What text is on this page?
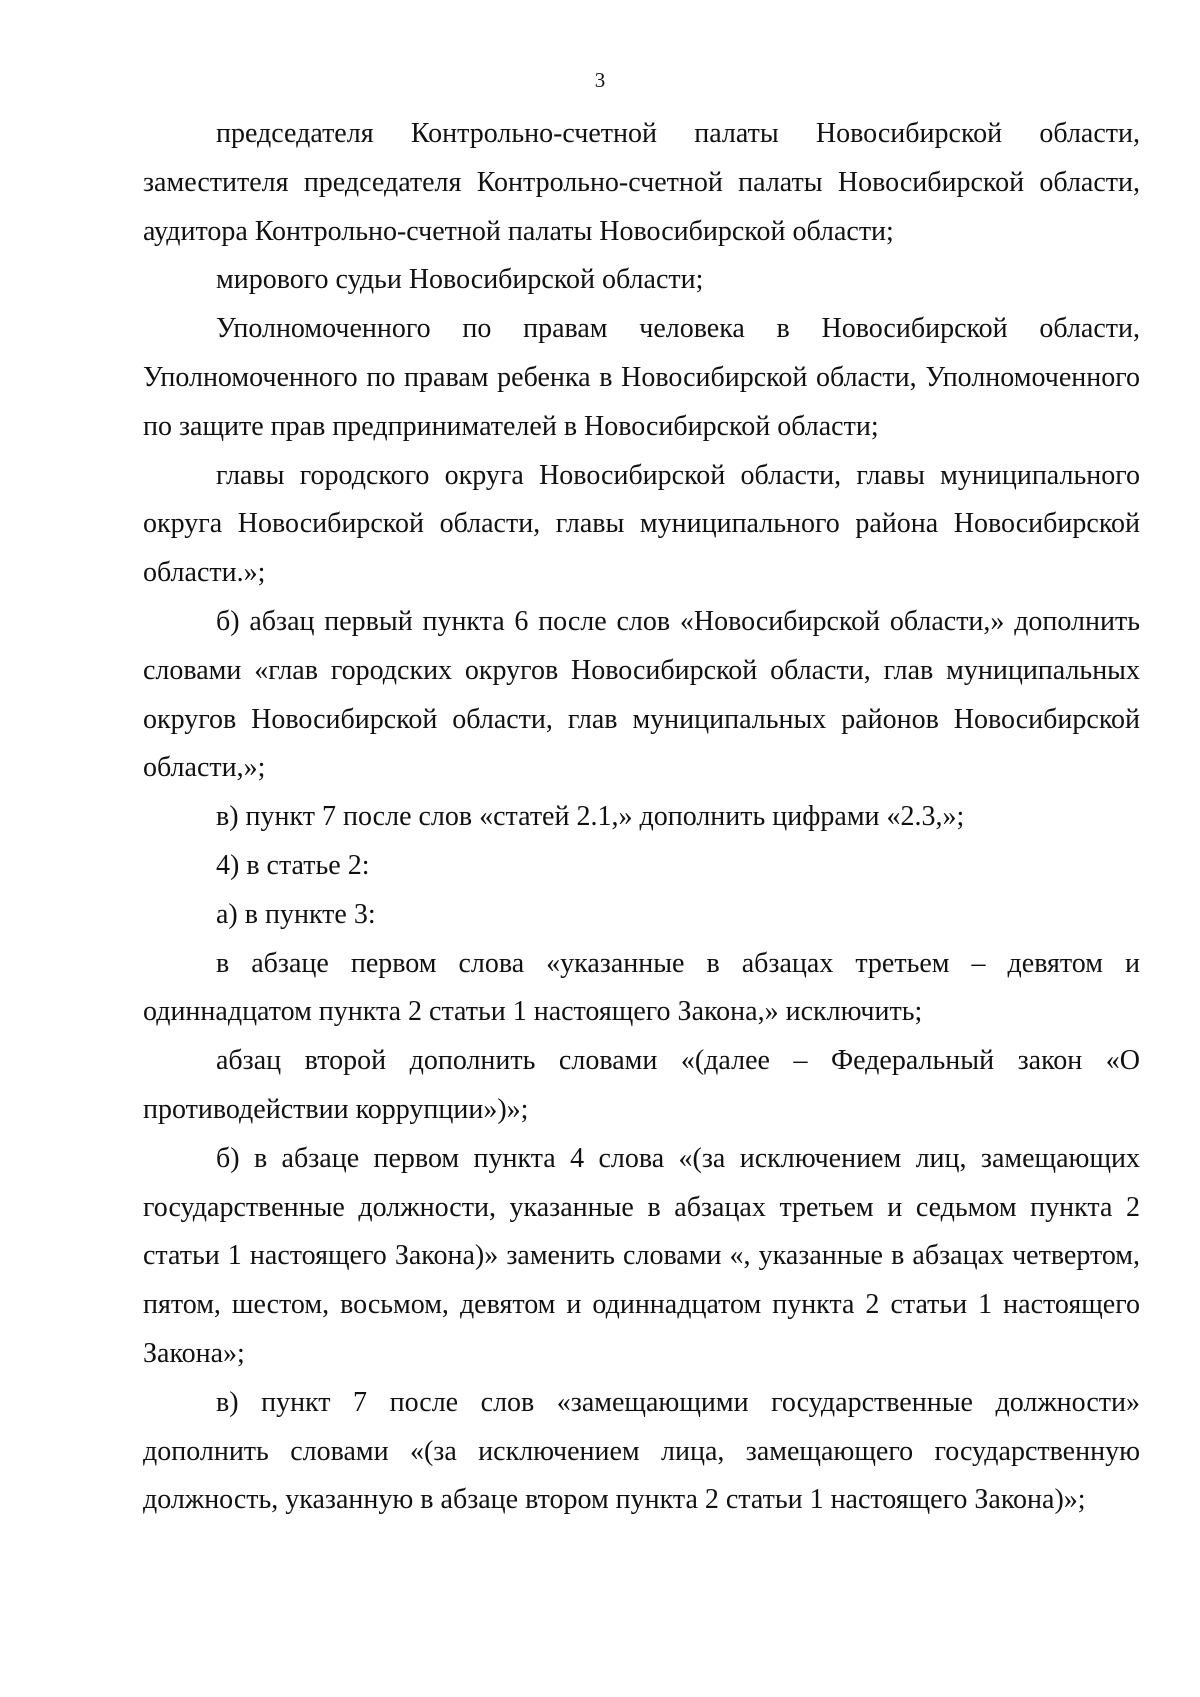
3

председателя Контрольно-счетной палаты Новосибирской области, заместителя председателя Контрольно-счетной палаты Новосибирской области, аудитора Контрольно-счетной палаты Новосибирской области;

мирового судьи Новосибирской области;

Уполномоченного по правам человека в Новосибирской области, Уполномоченного по правам ребенка в Новосибирской области, Уполномоченного по защите прав предпринимателей в Новосибирской области;

главы городского округа Новосибирской области, главы муниципального округа Новосибирской области, главы муниципального района Новосибирской области.»;

б) абзац первый пункта 6 после слов «Новосибирской области,» дополнить словами «глав городских округов Новосибирской области, глав муниципальных округов Новосибирской области, глав муниципальных районов Новосибирской области,»;

в) пункт 7 после слов «статей 2.1,» дополнить цифрами «2.3,»;

4) в статье 2:

а) в пункте 3:

в абзаце первом слова «указанные в абзацах третьем – девятом и одиннадцатом пункта 2 статьи 1 настоящего Закона,» исключить;

абзац второй дополнить словами «(далее – Федеральный закон «О противодействии коррупции»)»;

б) в абзаце первом пункта 4 слова «(за исключением лиц, замещающих государственные должности, указанные в абзацах третьем и седьмом пункта 2 статьи 1 настоящего Закона)» заменить словами «, указанные в абзацах четвертом, пятом, шестом, восьмом, девятом и одиннадцатом пункта 2 статьи 1 настоящего Закона»;

в) пункт 7 после слов «замещающими государственные должности» дополнить словами «(за исключением лица, замещающего государственную должность, указанную в абзаце втором пункта 2 статьи 1 настоящего Закона)»;
